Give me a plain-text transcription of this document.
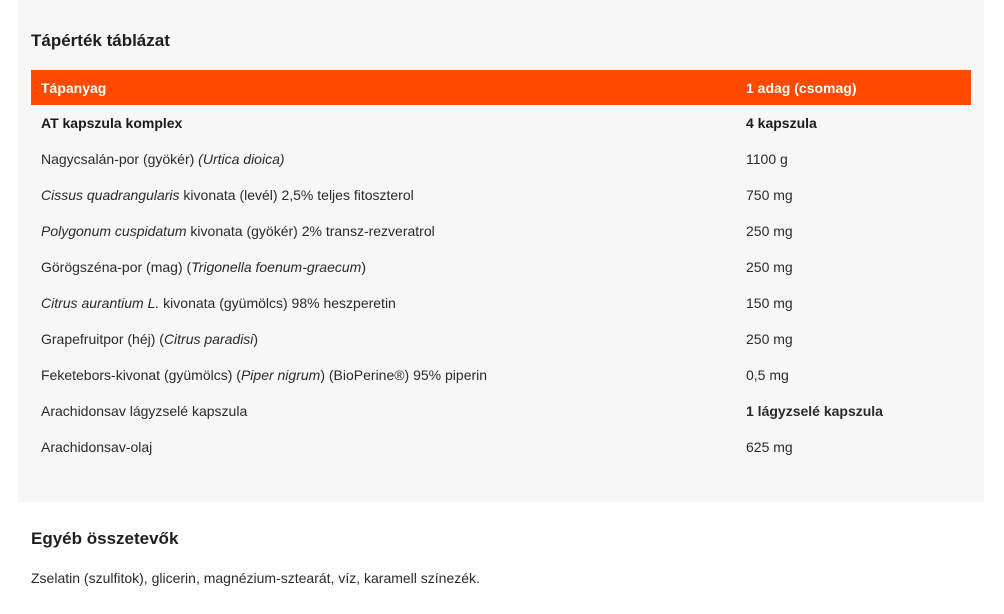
Tápérték táblázat
Tápanyag	1 adag (csomag)
AT kapszula komplex	4 kapszula
Nagycsalán-por (gyökér) (Urtica dioica)	1100 g
Cissus quadrangularis kivonata (levél) 2,5% teljes fitoszterol	750 mg
Polygonum cuspidatum kivonata (gyökér) 2% transz-rezveratrol	250 mg
Görögszéna-por (mag) (Trigonella foenum-graecum)	250 mg
Citrus aurantium L. kivonata (gyümölcs) 98% heszperetin	150 mg
Grapefruitpor (héj) (Citrus paradisi)	250 mg
Feketebors-kivonat (gyümölcs) (Piper nigrum) (BioPerine®) 95% piperin	0,5 mg
Arachidonsav lágyzselé kapszula	1 lágyzselé kapszula
Arachidonsav-olaj	625 mg
Egyéb összetevők

Zselatin (szulfitok), glicerin, magnézium-sztearát, víz, karamell színezék.
